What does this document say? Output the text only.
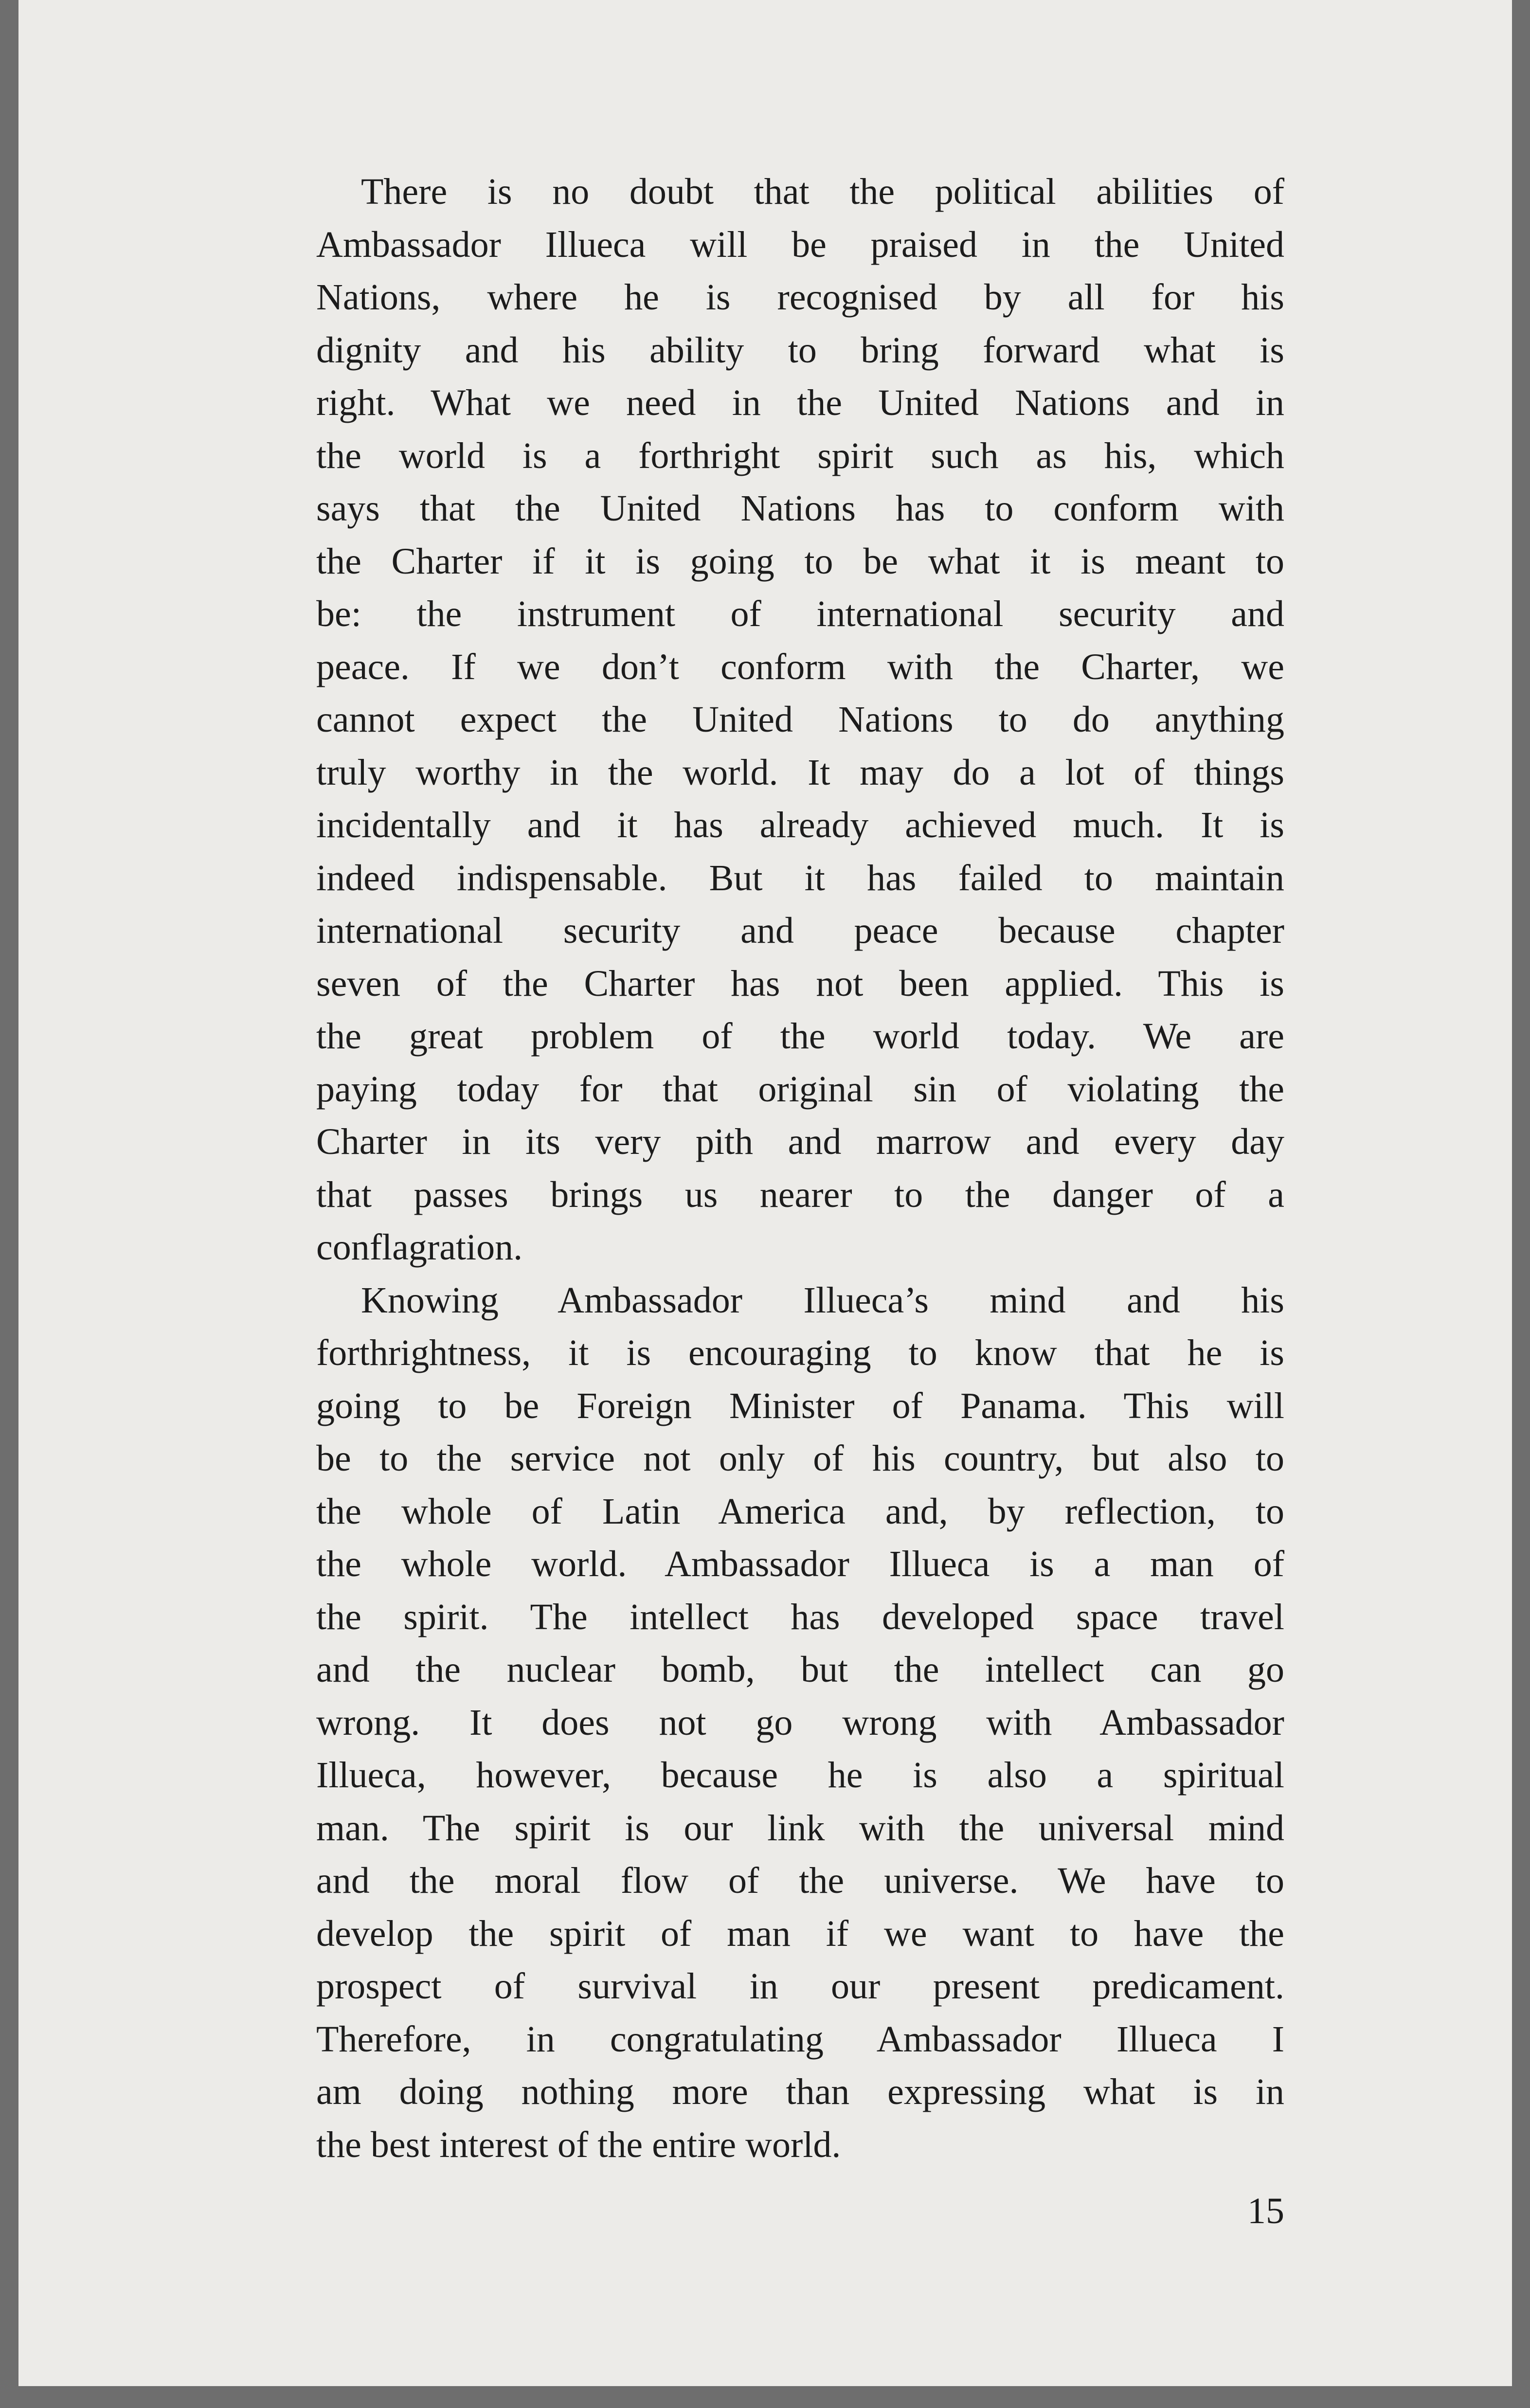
There is no doubt that the political abilities of
Ambassador Illueca will be praised in the United
Nations, where he is recognised by all for his
dignity and his ability to bring forward what is
right. What we need in the United Nations and in
the world is a forthright spirit such as his, which
says that the United Nations has to conform with
the Charter if it is going to be what it is meant to
be: the instrument of international security and
peace. If we don’t conform with the Charter, we
cannot expect the United Nations to do anything
truly worthy in the world. It may do a lot of things
incidentally and it has already achieved much. It is
indeed indispensable. But it has failed to maintain
international security and peace because chapter
seven of the Charter has not been applied. This is
the great problem of the world today. We are
paying today for that original sin of violating the
Charter in its very pith and marrow and every day
that passes brings us nearer to the danger of a
conflagration.
Knowing Ambassador Illueca’s mind and his
forthrightness, it is encouraging to know that he is
going to be Foreign Minister of Panama. This will
be to the service not only of his country, but also to
the whole of Latin America and, by reflection, to
the whole world. Ambassador Illueca is a man of
the spirit. The intellect has developed space travel
and the nuclear bomb, but the intellect can go
wrong. It does not go wrong with Ambassador
Illueca, however, because he is also a spiritual
man. The spirit is our link with the universal mind
and the moral flow of the universe. We have to
develop the spirit of man if we want to have the
prospect of survival in our present predicament.
Therefore, in congratulating Ambassador Illueca I
am doing nothing more than expressing what is in
the best interest of the entire world.
15
